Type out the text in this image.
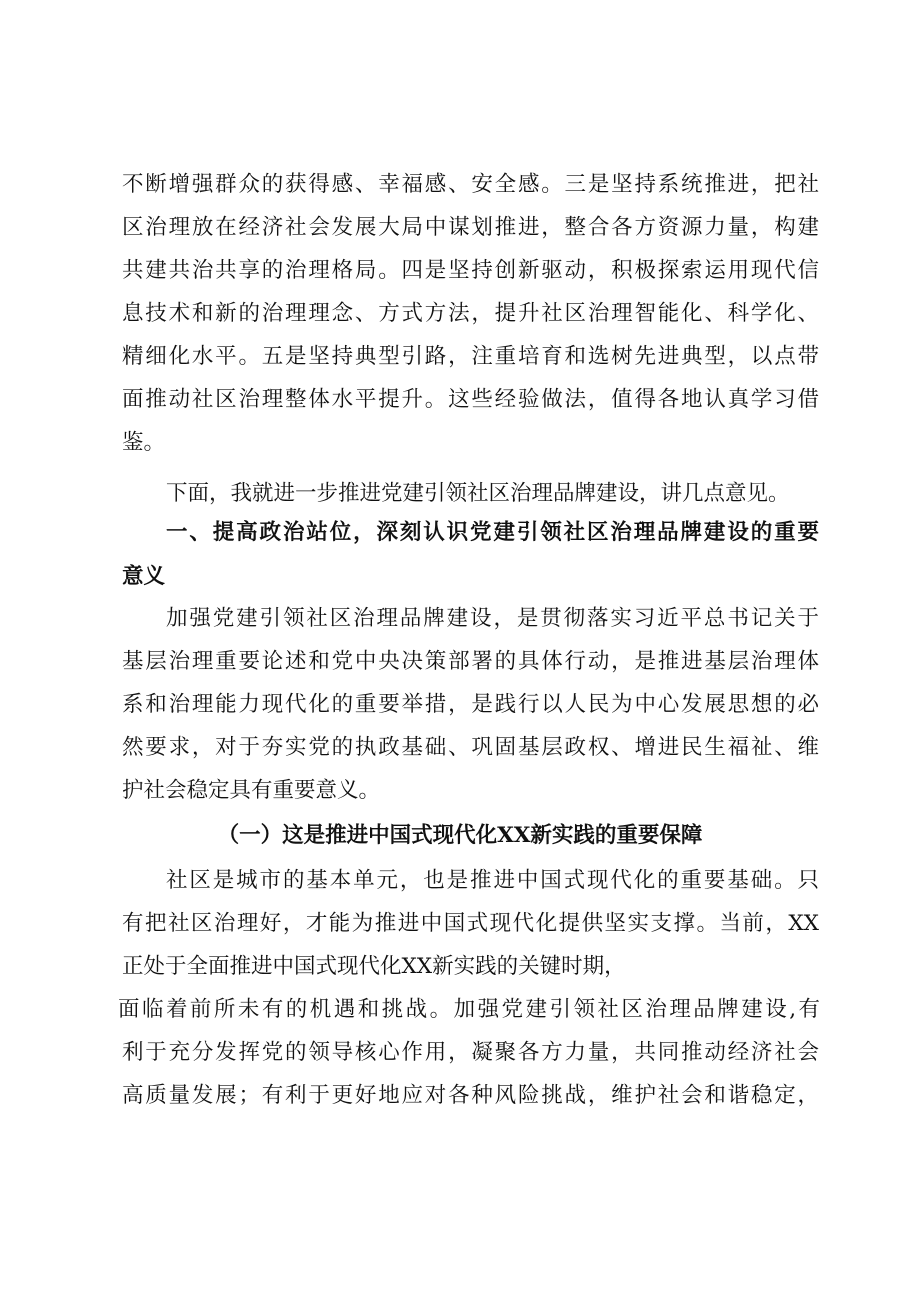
不断增强群众的获得感、幸福感、安全感。三是坚持系统推进，把社
区治理放在经济社会发展大局中谋划推进，整合各方资源力量，构建
共建共治共享的治理格局。四是坚持创新驱动，积极探索运用现代信
息技术和新的治理理念、方式方法，提升社区治理智能化、科学化、
精细化水平。五是坚持典型引路，注重培育和选树先进典型，以点带
面推动社区治理整体水平提升。这些经验做法，值得各地认真学习借
鉴。
下面，我就进一步推进党建引领社区治理品牌建设，讲几点意见。
一、提高政治站位，深刻认识党建引领社区治理品牌建设的重要
意义
加强党建引领社区治理品牌建设，是贯彻落实习近平总书记关于
基层治理重要论述和党中央决策部署的具体行动，是推进基层治理体
系和治理能力现代化的重要举措，是践行以人民为中心发展思想的必
然要求，对于夯实党的执政基础、巩固基层政权、增进民生福祉、维
护社会稳定具有重要意义。
（一）这是推进中国式现代化XX新实践的重要保障
社区是城市的基本单元，也是推进中国式现代化的重要基础。只
有把社区治理好，才能为推进中国式现代化提供坚实支撑。当前，XX
正处于全面推进中国式现代化XX新实践的关键时期，
面临着前所未有的机遇和挑战。加强党建引领社区治理品牌建设,有
利于充分发挥党的领导核心作用，凝聚各方力量，共同推动经济社会
高质量发展；有利于更好地应对各种风险挑战，维护社会和谐稳定，
